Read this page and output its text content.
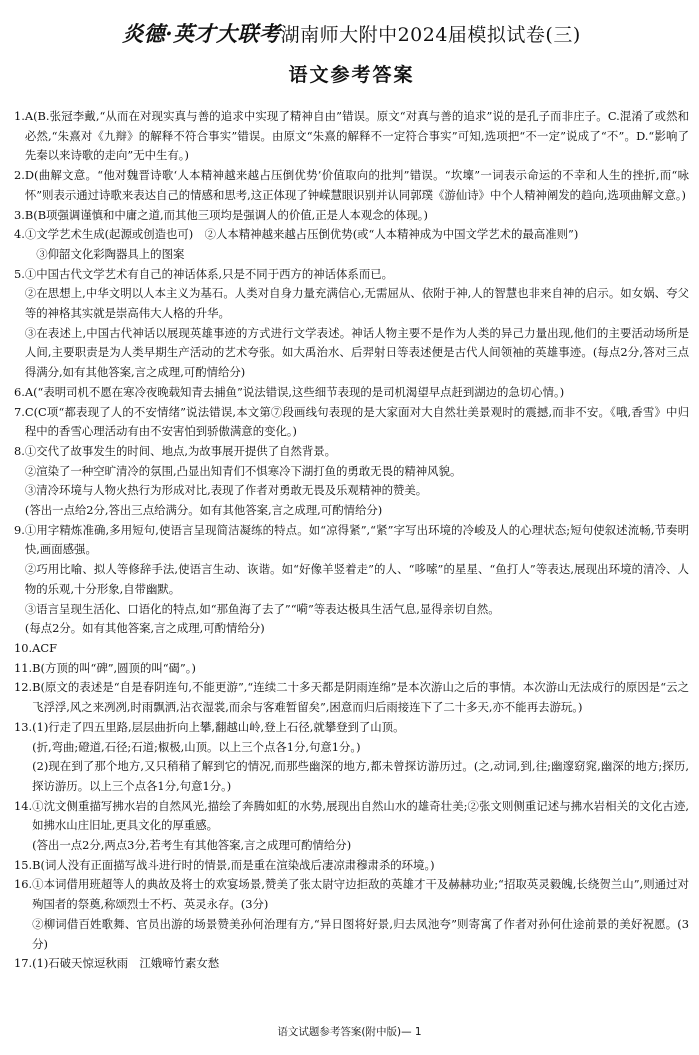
炎德·英才大联考湖南师大附中2024届模拟试卷(三)
语文参考答案
1. A(B.张冠李戴,“从而在对现实真与善的追求中实现了精神自由”错误。原文“对真与善的追求”说的是孔子而非庄子。C.混淆了或然和必然,“朱熹对《九辩》的解释不符合事实”错误。由原文“朱熹的解释不一定符合事实”可知,选项把“不一定”说成了“不”。D.“影响了先秦以来诗歌的走向”无中生有。)

2. D(曲解文意。“他对魏晋诗歌‘人本精神越来越占压倒优势’价值取向的批判”错误。“坎壈”一词表示命运的不幸和人生的挫折,而“咏怀”则表示通过诗歌来表达自己的情感和思考,这正体现了钟嵘慧眼识别并认同郭璞《游仙诗》中个人精神阐发的趋向,选项曲解文意。)

3. B(B项强调谨慎和中庸之道,而其他三项均是强调人的价值,正是人本观念的体现。)

4. ①文学艺术生成(起源或创造也可)　②人本精神越来越占压倒优势(或“人本精神成为中国文学艺术的最高准则”)

　③仰韶文化彩陶器具上的图案

5. ①中国古代文学艺术有自己的神话体系,只是不同于西方的神话体系而已。

②在思想上,中华文明以人本主义为基石。人类对自身力量充满信心,无需屈从、依附于神,人的智慧也非来自神的启示。如女娲、夸父等的神格其实就是崇高伟大人格的升华。

③在表述上,中国古代神话以展现英雄事迹的方式进行文学表述。神话人物主要不是作为人类的异己力量出现,他们的主要活动场所是人间,主要职责是为人类早期生产活动的艺术夸张。如大禹治水、后羿射日等表述便是古代人间领袖的英雄事迹。(每点2分,答对三点得满分,如有其他答案,言之成理,可酌情给分)

6. A(“表明司机不愿在寒冷夜晚载知青去捕鱼”说法错误,这些细节表现的是司机渴望早点赶到湖边的急切心情。)

7. C(C项“都表现了人的不安情绪”说法错误,本文第⑦段画线句表现的是大家面对大自然壮美景观时的震撼,而非不安。《哦,香雪》中归程中的香雪心理活动有由不安害怕到骄傲满意的变化。)

8. ①交代了故事发生的时间、地点,为故事展开提供了自然背景。

②渲染了一种空旷清冷的氛围,凸显出知青们不惧寒冷下湖打鱼的勇敢无畏的精神风貌。

③清冷环境与人物火热行为形成对比,表现了作者对勇敢无畏及乐观精神的赞美。

(答出一点给2分,答出三点给满分。如有其他答案,言之成理,可酌情给分)

9. ①用字精炼准确,多用短句,使语言呈现简洁凝练的特点。如“凉得紧”,“紧”字写出环境的冷峻及人的心理状态;短句使叙述流畅,节奏明快,画面感强。

②巧用比喻、拟人等修辞手法,使语言生动、诙谐。如“好像羊竖着走”的人、“哆嗦”的星星、“鱼打人”等表达,展现出环境的清冷、人物的乐观,十分形象,自带幽默。

③语言呈现生活化、口语化的特点,如“那鱼海了去了”“嗬”等表达极具生活气息,显得亲切自然。

(每点2分。如有其他答案,言之成理,可酌情给分)

10. ACF

11. B(方顶的叫“碑”,圆顶的叫“碣”。)

12. B(原文的表述是“自是春阴连句,不能更游”,“连续二十多天都是阴雨连绵”是本次游山之后的事情。本次游山无法成行的原因是“云之飞浮浮,风之来冽冽,时雨飘洒,沾衣湿裳,而余与客难暂留矣”,困意而归后雨接连下了二十多天,亦不能再去游玩。)

13. (1)行走了四五里路,层层曲折向上攀,翻越山岭,登上石径,就攀登到了山顶。

(折,弯曲;磴道,石径;石道;椒极,山顶。以上三个点各1分,句意1分。)

(2)现在到了那个地方,又只稍稍了解到它的情况,而那些幽深的地方,都未曾探访游历过。(之,动词,到,往;幽邃窈窕,幽深的地方;探历,探访游历。以上三个点各1分,句意1分。)

14. ①沈文侧重描写拂水岩的自然风光,描绘了奔腾如虹的水势,展现出自然山水的雄奇壮美;②张文则侧重记述与拂水岩相关的文化古迹,如拂水山庄旧址,更具文化的厚重感。

(答出一点2分,两点3分,若考生有其他答案,言之成理可酌情给分)

15. B(词人没有正面描写战斗进行时的情景,而是重在渲染战后凄凉肃穆肃杀的环境。)

16. ①本词借用班超等人的典故及将士的欢宴场景,赞美了张太尉守边拒敌的英雄才干及赫赫功业;“招取英灵毅魄,长绕贺兰山”,则通过对殉国者的祭奠,称颂烈士不朽、英灵永存。(3分)

②柳词借百姓歌舞、官员出游的场景赞美孙何治理有方,“异日图将好景,归去凤池夸”则寄寓了作者对孙何仕途前景的美好祝愿。(3分)

17. (1)石破天惊逗秋雨　江娥啼竹素女愁

语文试题参考答案(附中版)— 1
